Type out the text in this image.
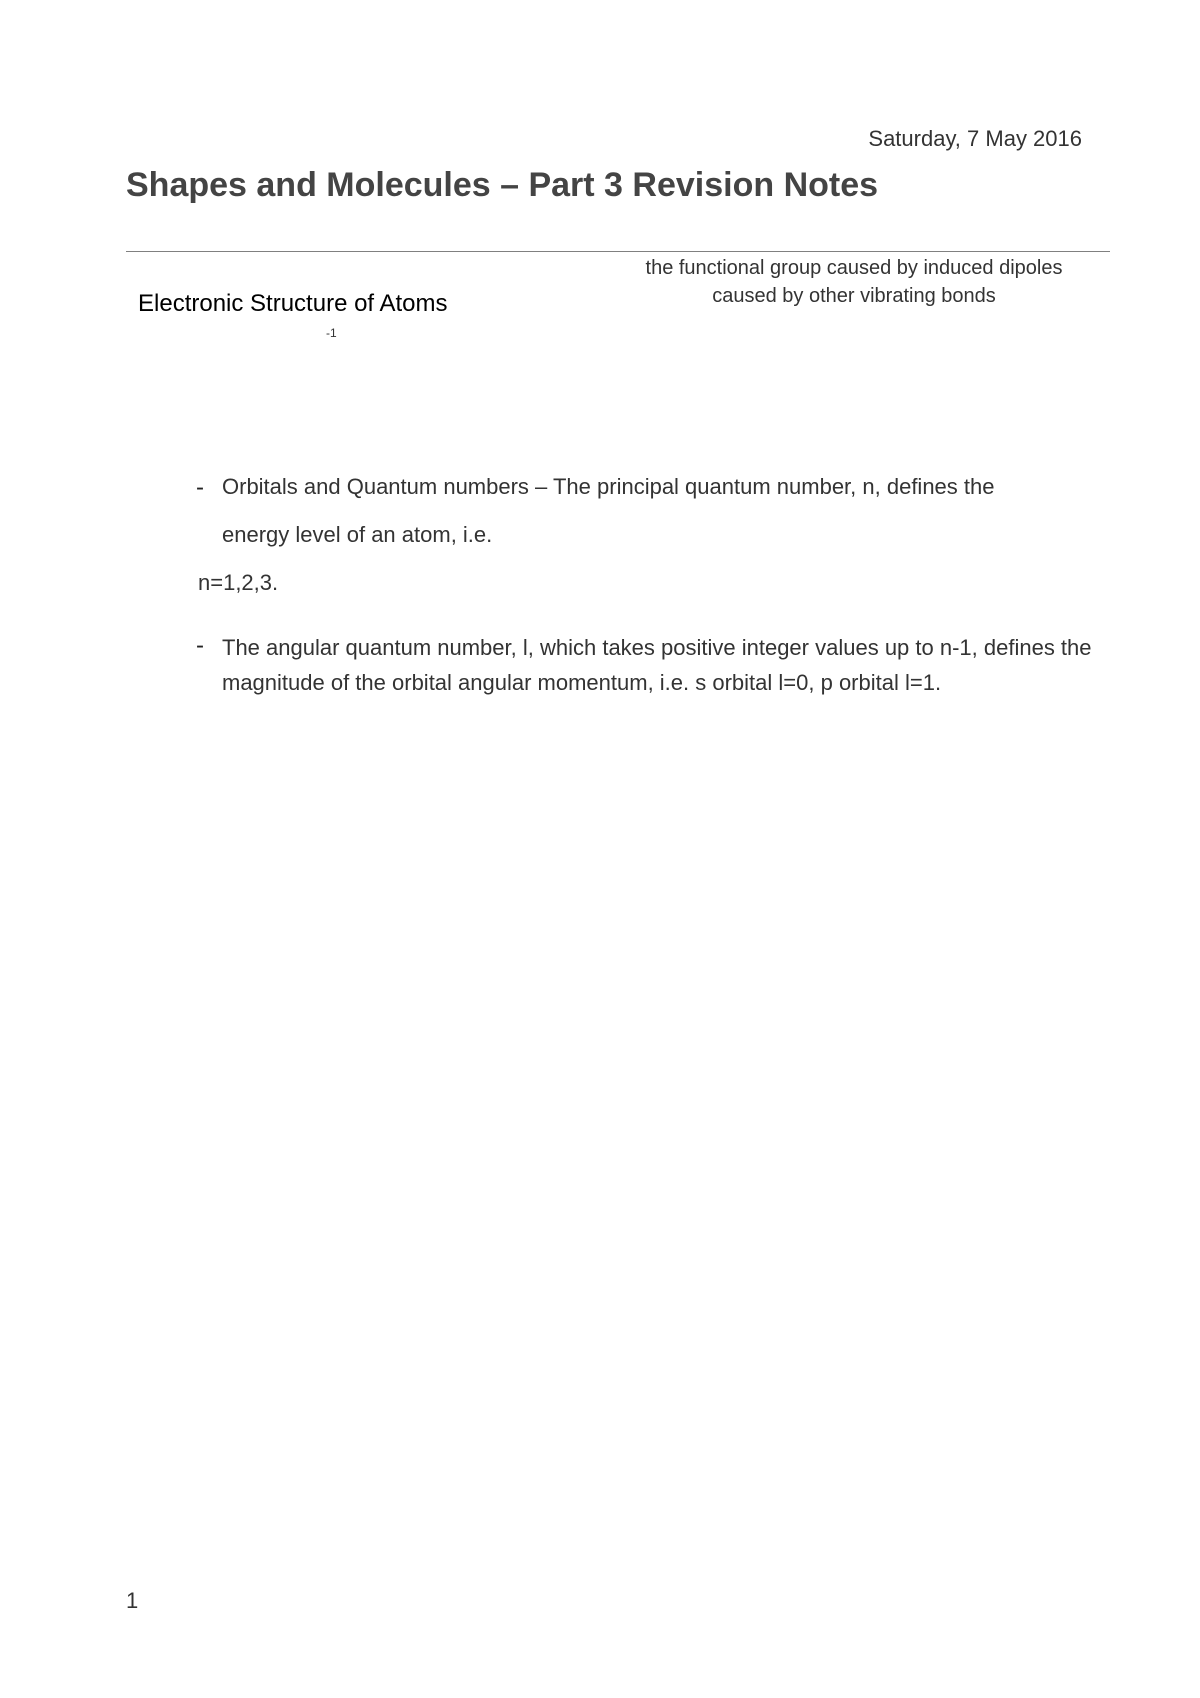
Saturday, 7 May 2016
Shapes and Molecules – Part 3 Revision Notes
the functional group caused by induced dipoles
caused by other vibrating bonds
Electronic Structure of Atoms
-1
- Orbitals and Quantum numbers – The principal quantum number, n, defines the
energy level of an atom, i.e.
n=1,2,3.
- The angular quantum number, l, which takes positive integer values up to n-1, defines the magnitude of the orbital angular momentum, i.e. s orbital l=0, p orbital l=1.
1
